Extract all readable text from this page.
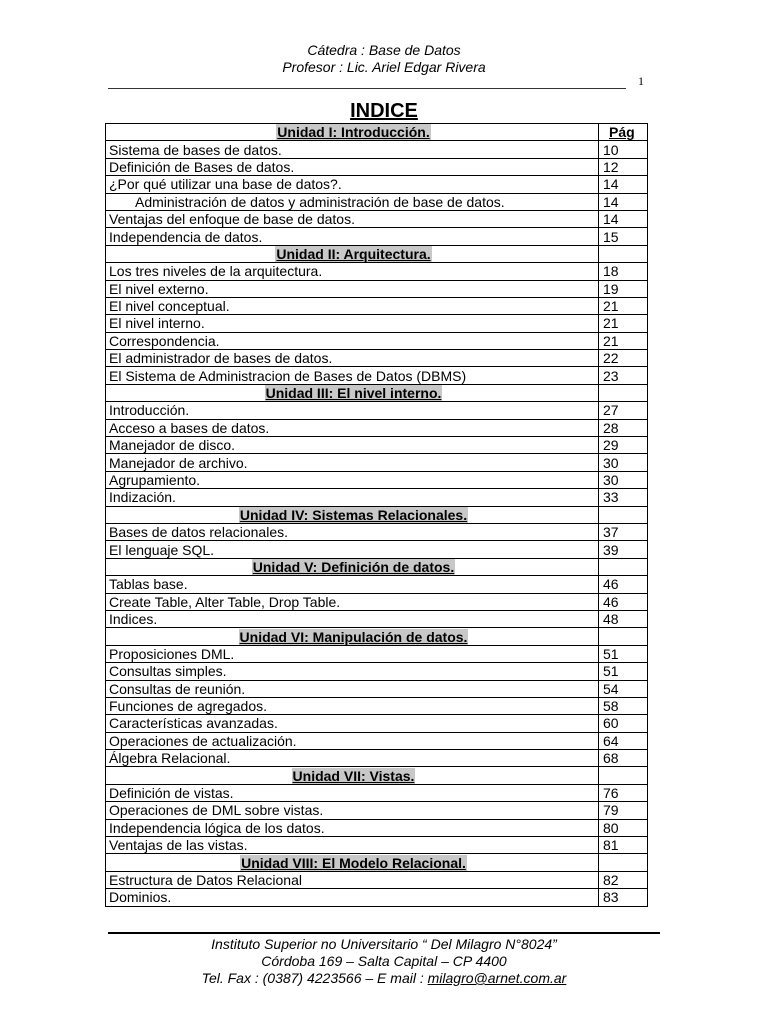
Cátedra : Base de Datos
Profesor : Lic. Ariel Edgar Rivera
1
INDICE
Unidad I: Introducción.	Pág
Sistema de bases de datos.	10
Definición de Bases de datos.	12
¿Por qué utilizar una base de datos?.	14
Administración de datos y administración de base de datos.	14
Ventajas del enfoque de base de datos.	14
Independencia de datos.	15
Unidad II: Arquitectura.	
Los tres niveles de la arquitectura.	18
El nivel externo.	19
El nivel conceptual.	21
El nivel interno.	21
Correspondencia.	21
El administrador de bases de datos.	22
El Sistema de Administracion de Bases de Datos (DBMS)	23
Unidad III: El nivel interno.	
Introducción.	27
Acceso a bases de datos.	28
Manejador de disco.	29
Manejador de archivo.	30
Agrupamiento.	30
Indización.	33
Unidad IV: Sistemas Relacionales.	
Bases de datos relacionales.	37
El lenguaje SQL.	39
Unidad V: Definición de datos.	
Tablas base.	46
Create Table, Alter Table, Drop Table.	46
Indices.	48
Unidad VI: Manipulación de datos.	
Proposiciones DML.	51
Consultas simples.	51
Consultas de reunión.	54
Funciones de agregados.	58
Características avanzadas.	60
Operaciones de actualización.	64
Álgebra Relacional.	68
Unidad VII: Vistas.	
Definición de vistas.	76
Operaciones de DML sobre vistas.	79
Independencia lógica de los datos.	80
Ventajas de las vistas.	81
Unidad VIII: El Modelo Relacional.	
Estructura de Datos Relacional	82
Dominios.	83
Instituto Superior no Universitario “ Del Milagro N°8024”
Córdoba 169 – Salta Capital – CP 4400
Tel. Fax : (0387) 4223566 – E mail : milagro@arnet.com.ar
